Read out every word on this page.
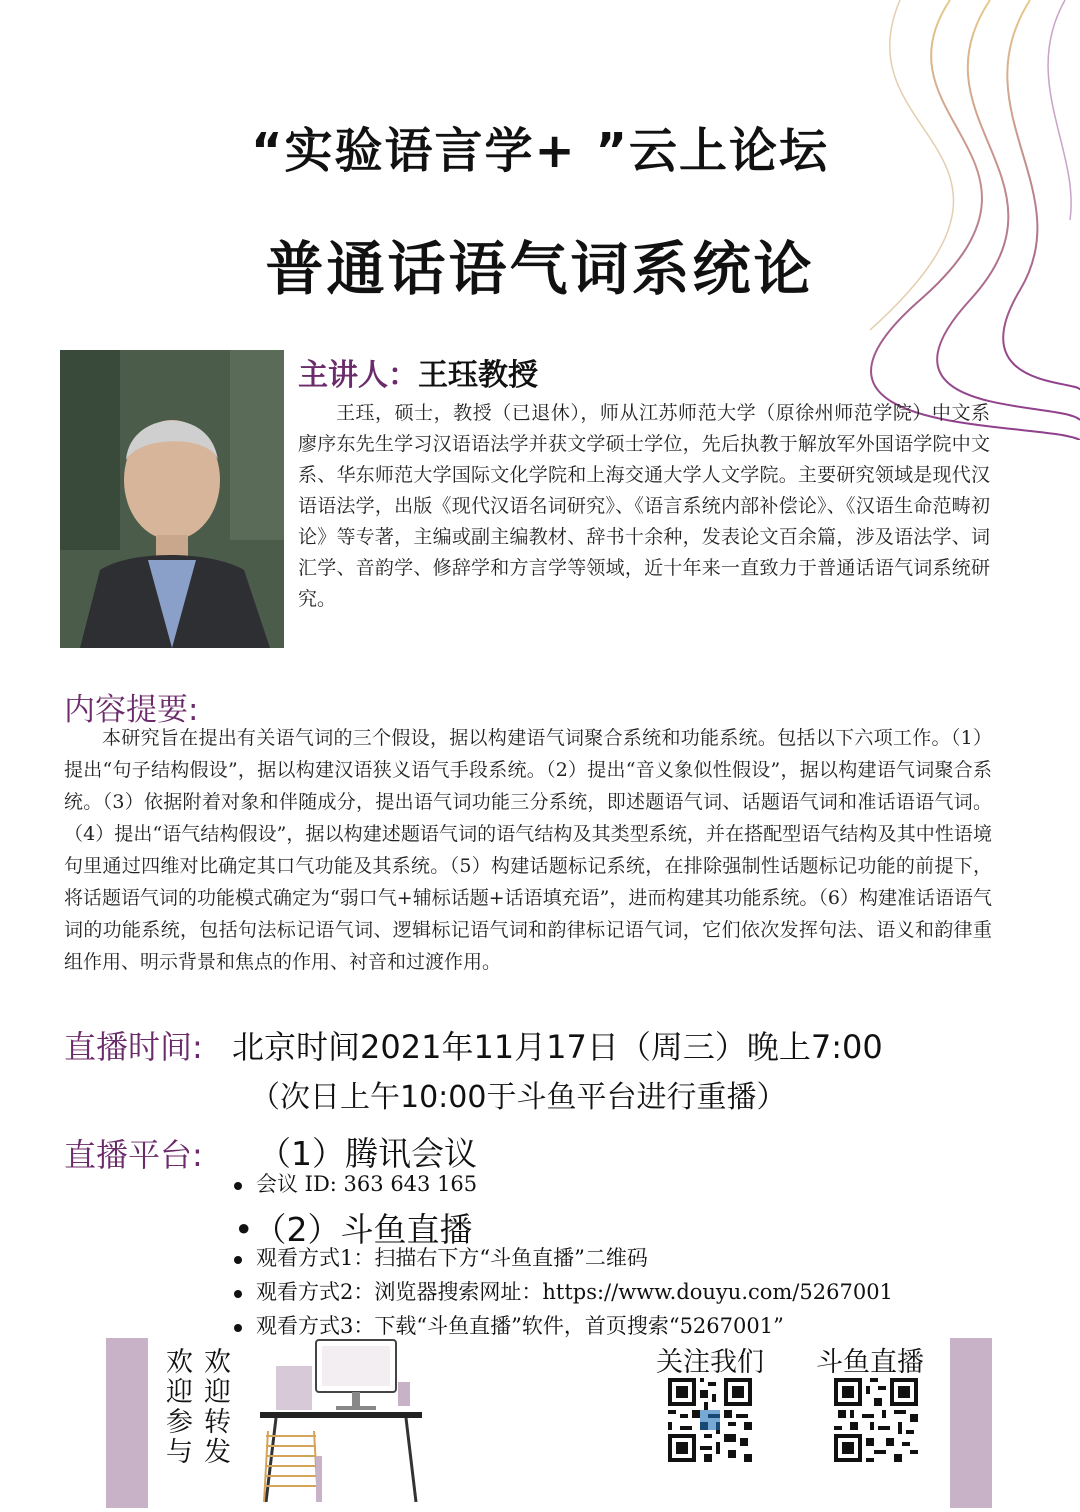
“实验语言学+ ”云上论坛
普通话语气词系统论
主讲人：王珏教授

王珏，硕士，教授（已退休），师从江苏师范大学（原徐州师范学院）中文系廖序东先生学习汉语语法学并获文学硕士学位，先后执教于解放军外国语学院中文系、华东师范大学国际文化学院和上海交通大学人文学院。主要研究领域是现代汉语语法学，出版《现代汉语名词研究》、《语言系统内部补偿论》、《汉语生命范畴初论》等专著，主编或副主编教材、辞书十余种，发表论文百余篇，涉及语法学、词汇学、音韵学、修辞学和方言学等领域，近十年来一直致力于普通话语气词系统研究。

内容提要:

本研究旨在提出有关语气词的三个假设，据以构建语气词聚合系统和功能系统。包括以下六项工作。（1）提出“句子结构假设”，据以构建汉语狭义语气手段系统。（2）提出“音义象似性假设”，据以构建语气词聚合系统。（3）依据附着对象和伴随成分，提出语气词功能三分系统，即述题语气词、话题语气词和准话语语气词。（4）提出“语气结构假设”，据以构建述题语气词的语气结构及其类型系统，并在搭配型语气结构及其中性语境句里通过四维对比确定其口气功能及其系统。（5）构建话题标记系统，在排除强制性话题标记功能的前提下，将话题语气词的功能模式确定为“弱口气+辅标话题+话语填充语”，进而构建其功能系统。（6）构建准话语语气词的功能系统，包括句法标记语气词、逻辑标记语气词和韵律标记语气词，它们依次发挥句法、语义和韵律重组作用、明示背景和焦点的作用、衬音和过渡作用。

直播时间: 北京时间2021年11月17日（周三）晚上7:00
（次日上午10:00于斗鱼平台进行重播）
直播平台: （1）腾讯会议
会议 ID: 363 643 165
•（2）斗鱼直播
观看方式1：扫描右下方“斗鱼直播”二维码
观看方式2：浏览器搜索网址：https://www.douyu.com/5267001
观看方式3：下载“斗鱼直播”软件，首页搜索“5267001”
欢迎转发
欢迎参与
关注我们 斗鱼直播
